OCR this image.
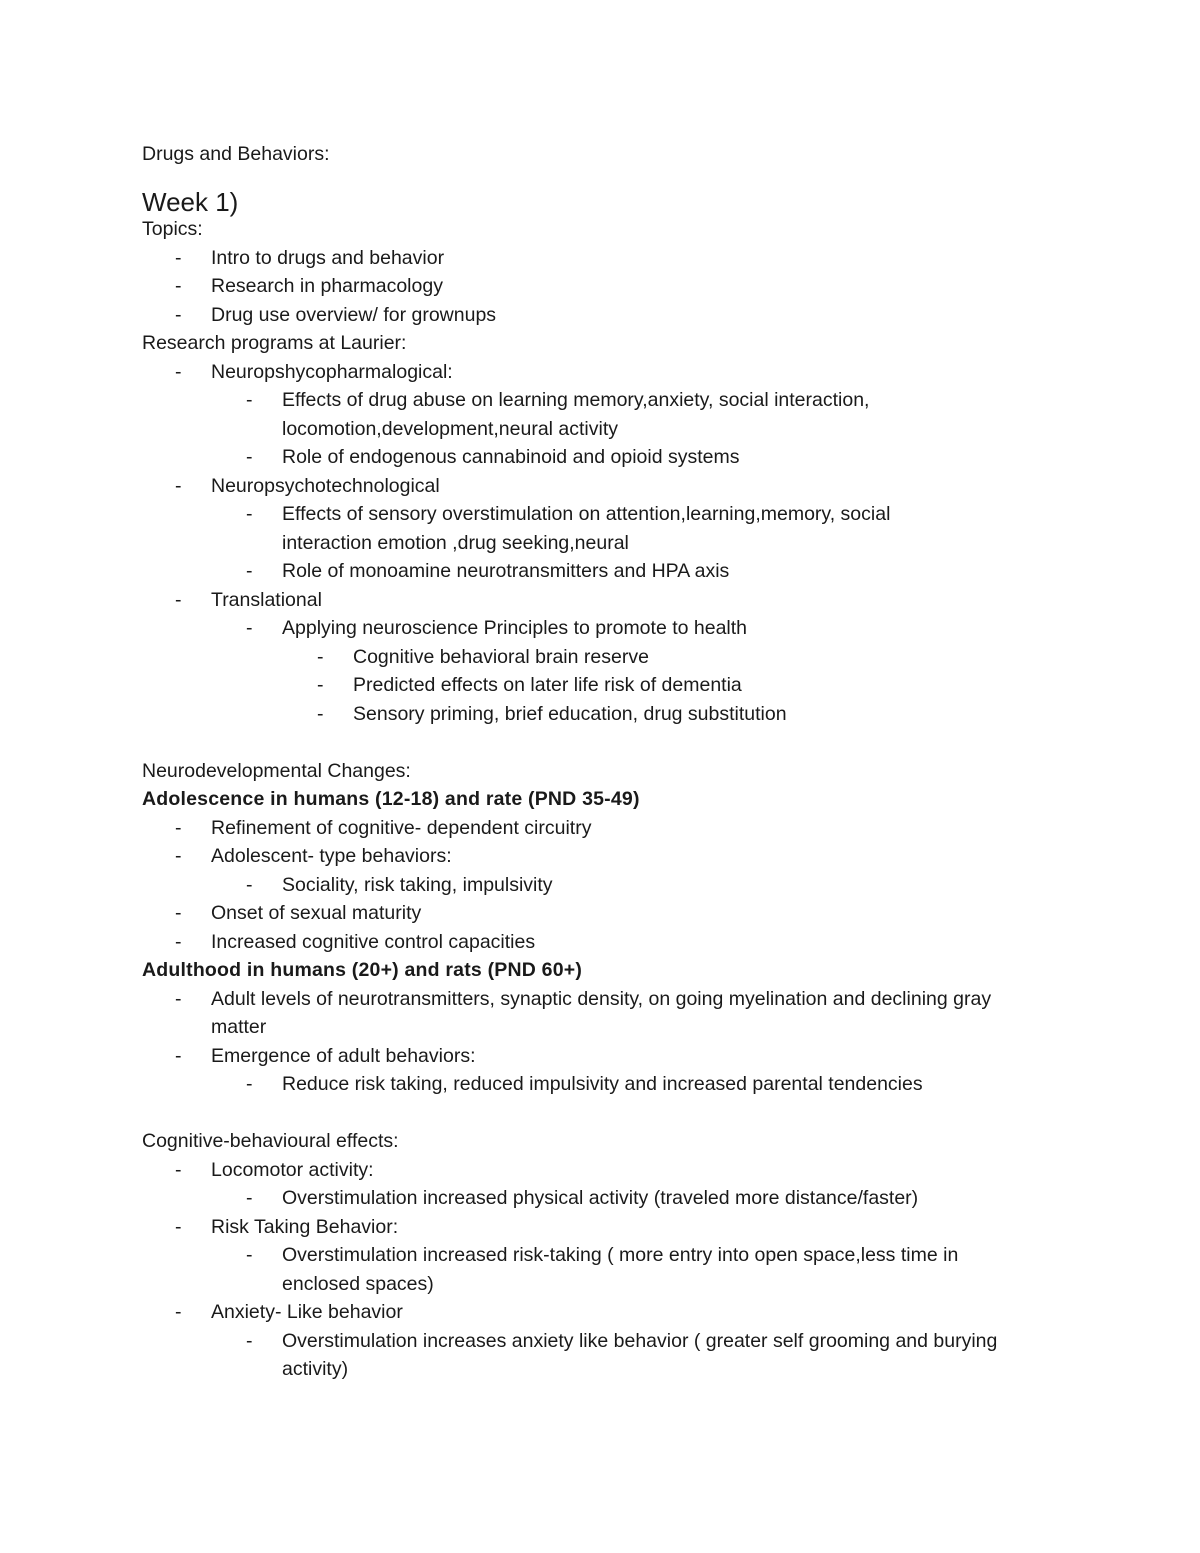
Drugs and Behaviors:
Week 1)
Topics:
-	Intro to drugs and behavior
-	Research in pharmacology
-	Drug use overview/ for grownups
Research programs at Laurier:
-	Neuropshycopharmalogical:
-	Effects of drug abuse on learning memory,anxiety, social interaction, locomotion,development,neural activity
-	Role of endogenous cannabinoid and opioid systems
-	Neuropsychotechnological
-	Effects of sensory overstimulation on attention,learning,memory, social interaction emotion ,drug seeking,neural
-	Role of monoamine neurotransmitters and HPA axis
-	Translational
-	Applying neuroscience Principles to promote to health
-	Cognitive behavioral brain reserve
-	Predicted effects on later life risk of dementia
-	Sensory priming, brief education, drug substitution
Neurodevelopmental Changes:
Adolescence in humans (12-18) and rate (PND 35-49)
-	Refinement of cognitive- dependent circuitry
-	Adolescent- type behaviors:
-	Sociality, risk taking, impulsivity
-	Onset of sexual maturity
-	Increased cognitive control capacities
Adulthood in humans (20+) and rats (PND 60+)
-	Adult levels of neurotransmitters, synaptic density, on going myelination and declining gray matter
-	Emergence of adult behaviors:
-	Reduce risk taking, reduced impulsivity and increased parental tendencies
Cognitive-behavioural effects:
-	Locomotor activity:
-	Overstimulation increased physical activity (traveled more distance/faster)
-	Risk Taking Behavior:
-	Overstimulation increased risk-taking ( more entry into open space,less time in enclosed spaces)
-	Anxiety- Like behavior
-	Overstimulation increases anxiety like behavior ( greater self grooming and burying activity)
